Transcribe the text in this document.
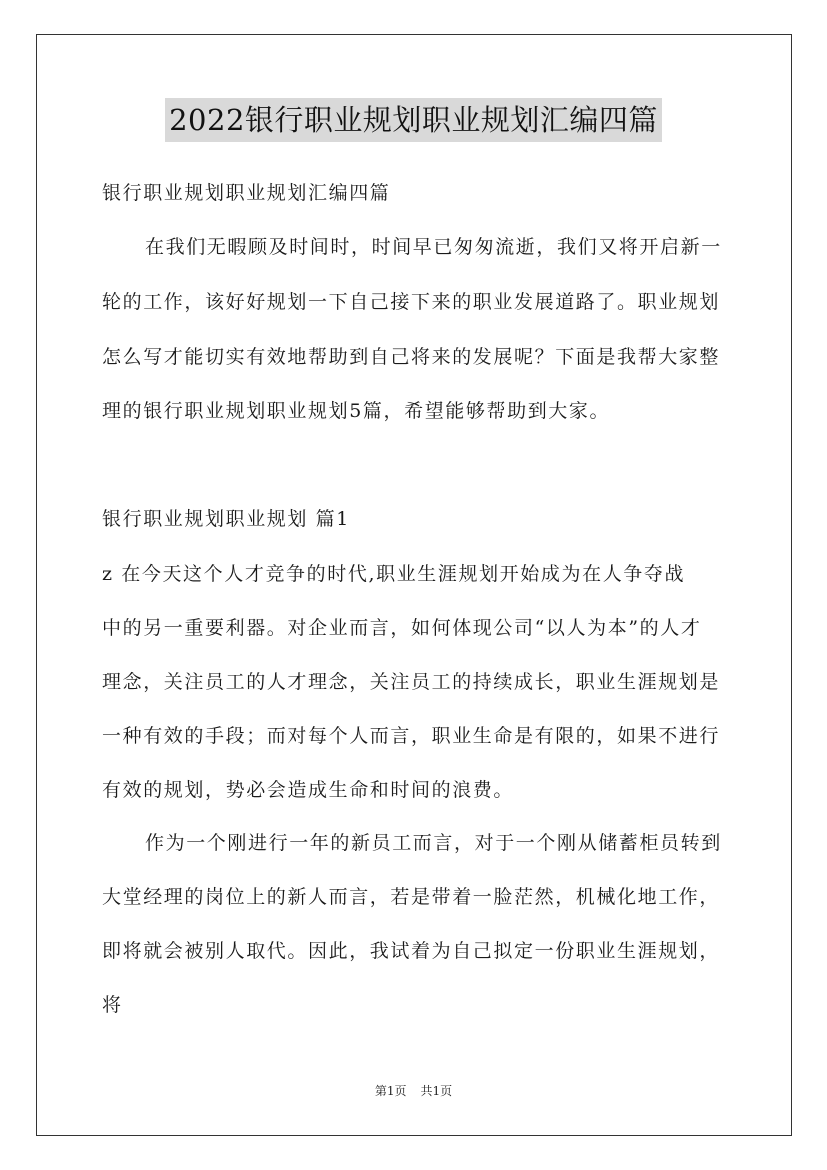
2022银行职业规划职业规划汇编四篇
银行职业规划职业规划汇编四篇
在我们无暇顾及时间时，时间早已匆匆流逝，我们又将开启新一
轮的工作，该好好规划一下自己接下来的职业发展道路了。职业规划
怎么写才能切实有效地帮助到自己将来的发展呢？下面是我帮大家整
理的银行职业规划职业规划5篇，希望能够帮助到大家。
银行职业规划职业规划 篇1
z 在今天这个人才竞争的时代,职业生涯规划开始成为在人争夺战
中的另一重要利器。对企业而言，如何体现公司“以人为本”的人才
理念，关注员工的人才理念，关注员工的持续成长，职业生涯规划是
一种有效的手段；而对每个人而言，职业生命是有限的，如果不进行
有效的规划，势必会造成生命和时间的浪费。
作为一个刚进行一年的新员工而言，对于一个刚从储蓄柜员转到
大堂经理的岗位上的新人而言，若是带着一脸茫然，机械化地工作，
即将就会被别人取代。因此，我试着为自己拟定一份职业生涯规划，
将
第1页 共1页
